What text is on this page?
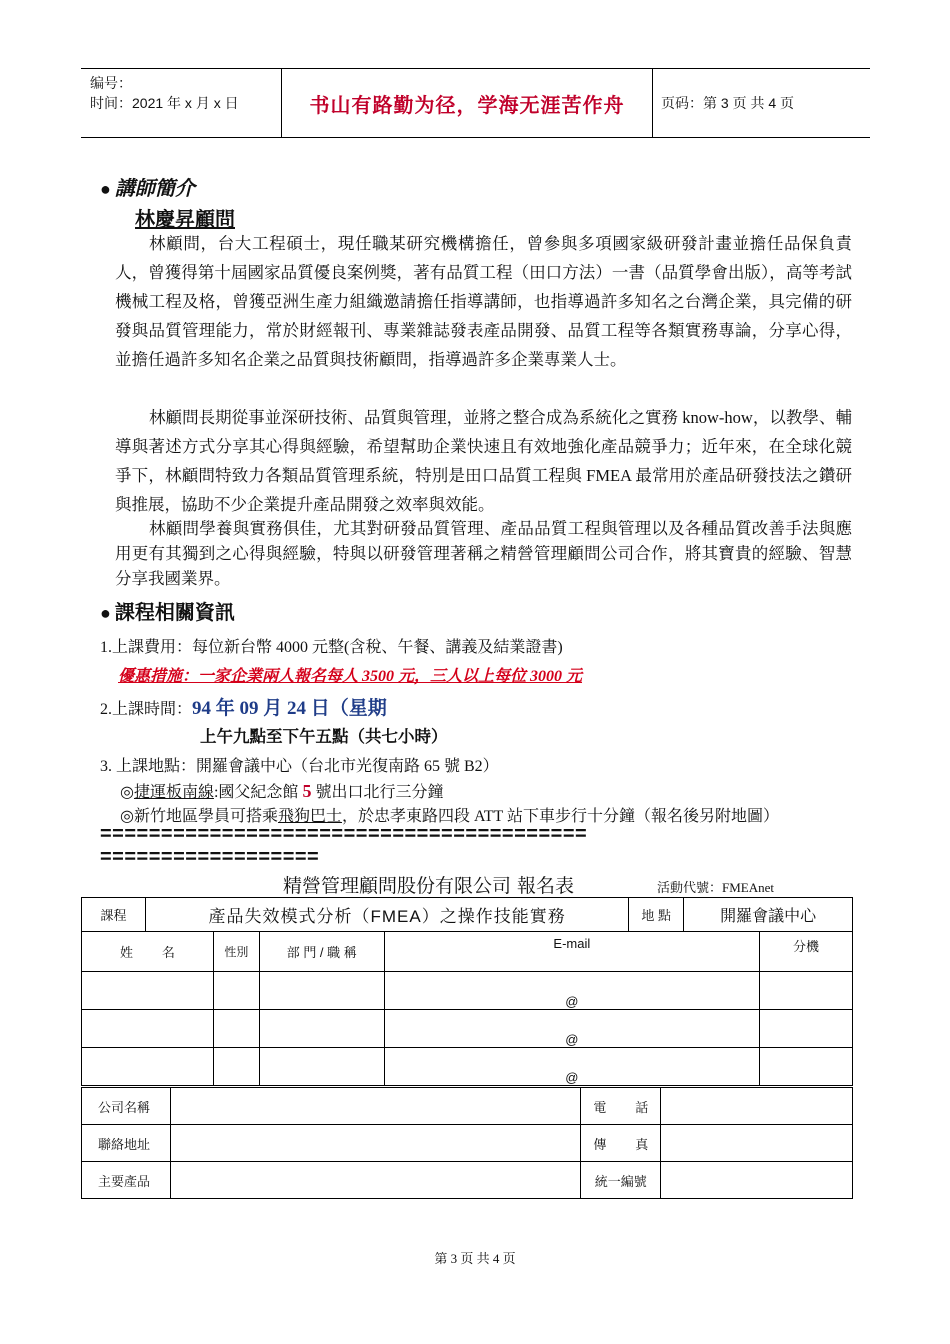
编号：
时间：2021 年 x 月 x 日	书山有路勤为径，学海无涯苦作舟	页码：第 3 页 共 4 页
● 講師簡介
林慶昇顧問
林顧問，台大工程碩士，現任職某研究機構擔任，曾參與多項國家級研發計畫並擔任品保負責人，曾獲得第十屆國家品質優良案例獎，著有品質工程（田口方法）一書（品質學會出版），高等考試機械工程及格，曾獲亞洲生產力組織邀請擔任指導講師，也指導過許多知名之台灣企業，具完備的研發與品質管理能力，常於財經報刊、專業雜誌發表產品開發、品質工程等各類實務專論，分享心得，並擔任過許多知名企業之品質與技術顧問，指導過許多企業專業人士。
林顧問長期從事並深研技術、品質與管理，並將之整合成為系統化之實務 know-how，以教學、輔導與著述方式分享其心得與經驗，希望幫助企業快速且有效地強化產品競爭力；近年來，在全球化競爭下，林顧問特致力各類品質管理系統，特別是田口品質工程與 FMEA 最常用於產品研發技法之鑽研與推展，協助不少企業提升產品開發之效率與效能。
林顧問學養與實務俱佳，尤其對研發品質管理、產品品質工程與管理以及各種品質改善手法與應用更有其獨到之心得與經驗，特與以研發管理著稱之精營管理顧問公司合作，將其寶貴的經驗、智慧分享我國業界。
● 課程相關資訊
1.上課費用：每位新台幣 4000 元整(含稅、午餐、講義及結業證書)
優惠措施：一家企業兩人報名每人 3500 元，三人以上每位 3000 元
2.上課時間：94 年 09 月 24 日（星期
上午九點至下午五點（共七小時）
3. 上課地點：開羅會議中心（台北市光復南路 65 號 B2）
◎捷運板南線:國父紀念館 5 號出口北行三分鐘
◎新竹地區學員可搭乘飛狗巴士，於忠孝東路四段 ATT 站下車步行十分鐘（報名後另附地圖）
========================================
==================
精營管理顧問股份有限公司 報名表	活動代號：FMEAnet
課程	產品失效模式分析（FMEA）之操作技能實務				地 點	開羅會議中心	
姓        名		性別	部 門 / 職 稱	E-mail			分機
				@			
				@			
				@			
公司名稱		電        話	
聯絡地址		傳        真	
主要產品		統一編號	
第 3 页 共 4 页
